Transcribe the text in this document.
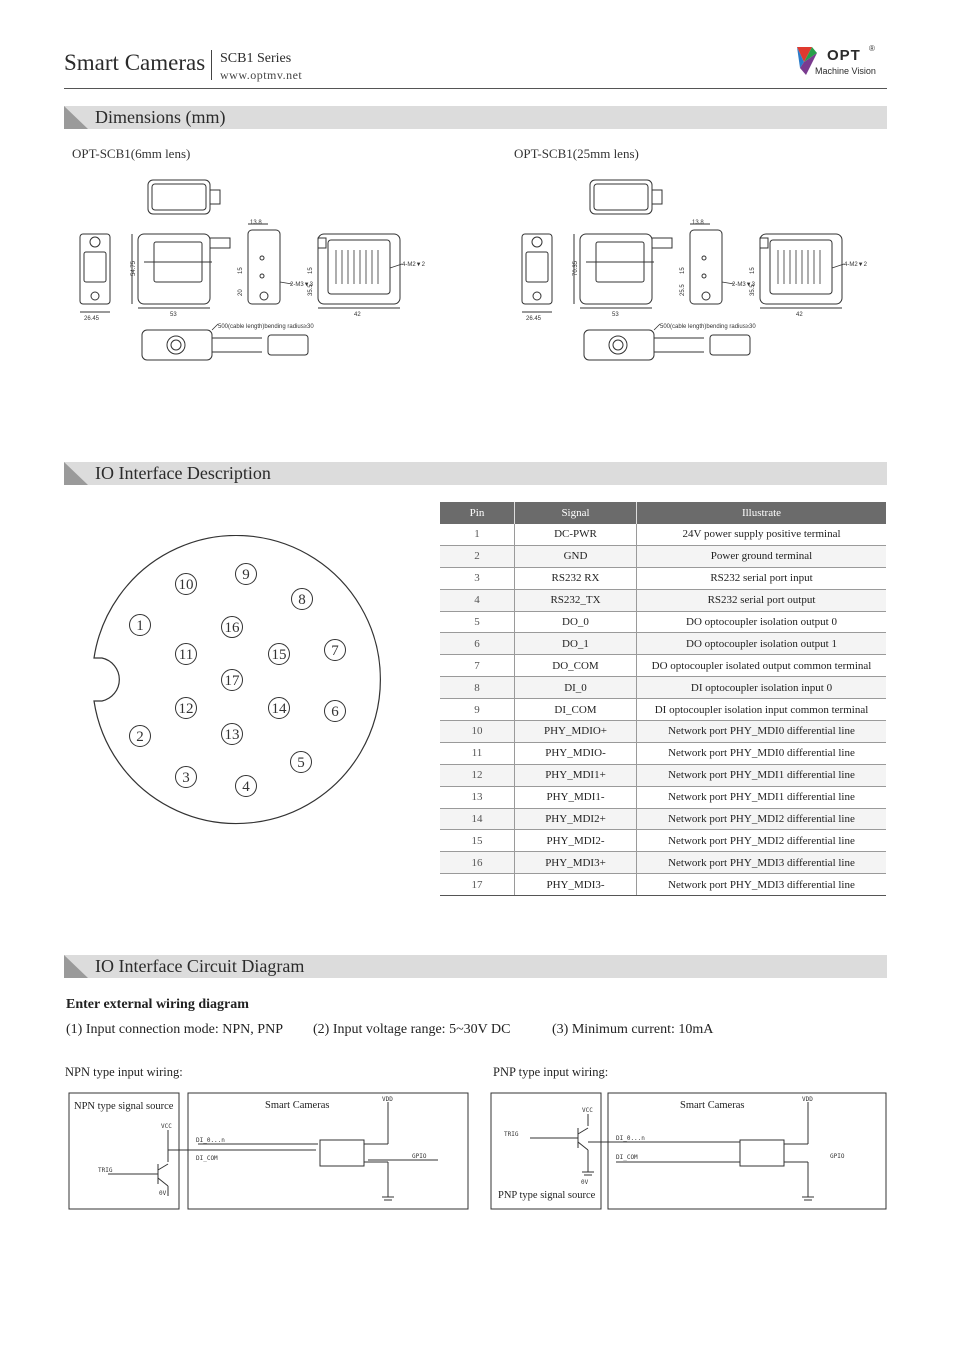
Smart Cameras SCB1 Series
www.optmv.net
OPT ®
Machine Vision
Dimensions (mm)
OPT-SCB1(6mm lens)	OPT-SCB1(25mm lens)
26.45
53	42
13.8
54.75	15
20
15
35.5
2-M3▼3
4-M2▼2
500(cable length)bending radius≥30
26.45
53	42
13.8
70.35	15
25.5
15
35.5
2-M3▼3
4-M2▼2
500(cable length)bending radius≥30
IO Interface Description
1
2
3
4
5
6
7
8
9
10
11
12
13
14
15
16
17
Pin	Signal	Illustrate
1	DC-PWR	24V power supply positive terminal
2	GND	Power ground terminal
3	RS232 RX	RS232 serial port input
4	RS232_TX	RS232 serial port output
5	DO_0	DO optocoupler isolation output 0
6	DO_1	DO optocoupler isolation output 1
7	DO_COM	DO optocoupler isolated output common terminal
8	DI_0	DI optocoupler isolation input 0
9	DI_COM	DI optocoupler isolation input common terminal
10	PHY_MDIO+	Network port PHY_MDI0 differential line
11	PHY_MDIO-	Network port PHY_MDI0 differential line
12	PHY_MDI1+	Network port PHY_MDI1 differential line
13	PHY_MDI1-	Network port PHY_MDI1 differential line
14	PHY_MDI2+	Network port PHY_MDI2 differential line
15	PHY_MDI2-	Network port PHY_MDI2 differential line
16	PHY_MDI3+	Network port PHY_MDI3 differential line
17	PHY_MDI3-	Network port PHY_MDI3 differential line
IO Interface Circuit Diagram
Enter external wiring diagram
(1) Input connection mode: NPN, PNP (2) Input voltage range: 5~30V DC	(3) Minimum current: 10mA
NPN type input wiring:	PNP type input wiring:
VCC
TRIG
0V
DI_0...n
DI_COM
VDD
GPIO
NPN type signal source	Smart Cameras	VCC
TRIG
0V
DI_0...n
DI_COM
VDD
GPIO
PNP type signal source
Smart Cameras
